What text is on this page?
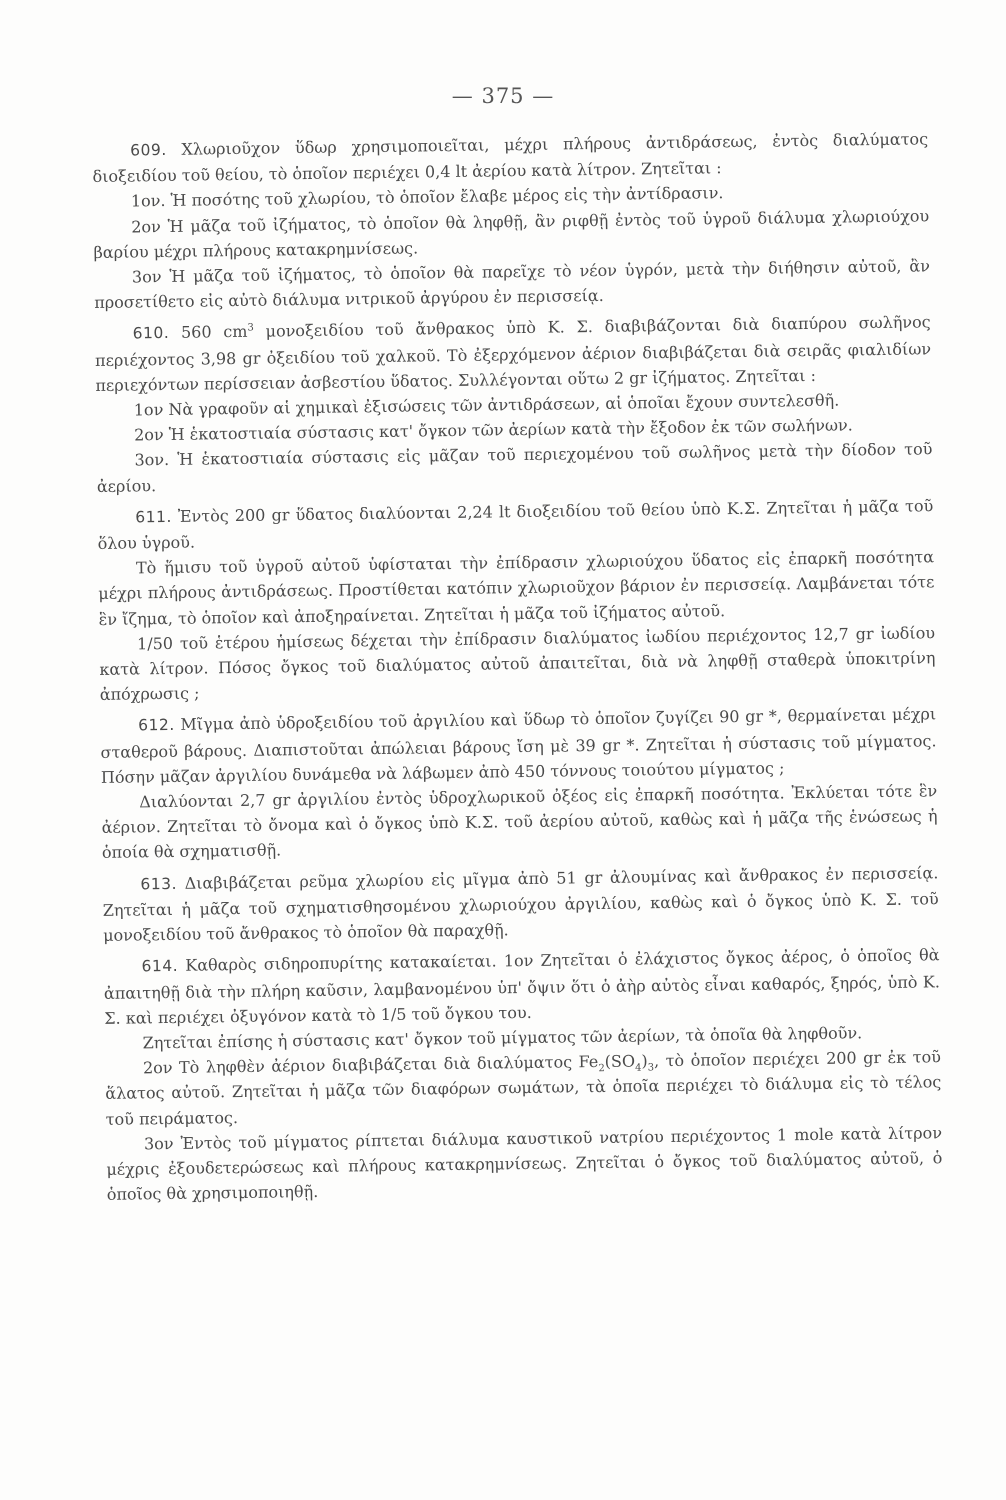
— 375 —

609. Χλωριοῦχον ὕδωρ χρησιμοποιεῖται, μέχρι πλήρους ἀντιδράσεως, ἐντὸς διαλύματος διοξειδίου τοῦ θείου, τὸ ὁποῖον περιέχει 0,4 lt ἀερίου κατὰ λίτρον. Ζητεῖται :

1ον. Ἡ ποσότης τοῦ χλωρίου, τὸ ὁποῖον ἔλαβε μέρος εἰς τὴν ἀντίδρασιν.

2ον Ἡ μᾶζα τοῦ ἰζήματος, τὸ ὁποῖον θὰ ληφθῇ, ἂν ριφθῇ ἐντὸς τοῦ ὑγροῦ διάλυμα χλωριούχου βαρίου μέχρι πλήρους κατακρημνίσεως.

3ον Ἡ μᾶζα τοῦ ἰζήματος, τὸ ὁποῖον θὰ παρεῖχε τὸ νέον ὑγρόν, μετὰ τὴν διήθησιν αὐτοῦ, ἂν προσετίθετο εἰς αὐτὸ διάλυμα νιτρικοῦ ἀργύρου ἐν περισσείᾳ.

610. 560 $cm^3$ μονοξειδίου τοῦ ἄνθρακος ὑπὸ Κ. Σ. διαβιβάζονται διὰ διαπύρου σωλῆνος περιέχοντος 3,98 gr ὀξειδίου τοῦ χαλκοῦ. Τὸ ἐξερχόμενον ἀέριον διαβιβάζεται διὰ σειρᾶς φιαλιδίων περιεχόντων περίσσειαν ἀσβεστίου ὕδατος. Συλλέγονται οὕτω 2 gr ἰζήματος. Ζητεῖται :

1ον Νὰ γραφοῦν αἱ χημικαὶ ἐξισώσεις τῶν ἀντιδράσεων, αἱ ὁποῖαι ἔχουν συντελεσθῆ.

2ον Ἡ ἑκατοστιαία σύστασις κατ' ὄγκον τῶν ἀερίων κατὰ τὴν ἔξοδον ἐκ τῶν σωλήνων.

3ον. Ἡ ἑκατοστιαία σύστασις εἰς μᾶζαν τοῦ περιεχομένου τοῦ σωλῆνος μετὰ τὴν δίοδον τοῦ ἀερίου.

611. Ἐντὸς 200 gr ὕδατος διαλύονται 2,24 lt διοξειδίου τοῦ θείου ὑπὸ Κ.Σ. Ζητεῖται ἡ μᾶζα τοῦ ὅλου ὑγροῦ.

Τὸ ἥμισυ τοῦ ὑγροῦ αὐτοῦ ὑφίσταται τὴν ἐπίδρασιν χλωριούχου ὕδατος εἰς ἐπαρκῆ ποσότητα μέχρι πλήρους ἀντιδράσεως. Προστίθεται κατόπιν χλωριοῦχον βάριον ἐν περισσείᾳ. Λαμβάνεται τότε ἓν ἴζημα, τὸ ὁποῖον καὶ ἀποξηραίνεται. Ζητεῖται ἡ μᾶζα τοῦ ἰζήματος αὐτοῦ.

1/50 τοῦ ἑτέρου ἡμίσεως δέχεται τὴν ἐπίδρασιν διαλύματος ἰωδίου περιέχοντος 12,7 gr ἰωδίου κατὰ λίτρον. Πόσος ὄγκος τοῦ διαλύματος αὐτοῦ ἀπαιτεῖται, διὰ νὰ ληφθῇ σταθερὰ ὑποκιτρίνη ἀπόχρωσις ;

612. Μῖγμα ἀπὸ ὑδροξειδίου τοῦ ἀργιλίου καὶ ὕδωρ τὸ ὁποῖον ζυγίζει 90 gr *, θερμαίνεται μέχρι σταθεροῦ βάρους. Διαπιστοῦται ἀπώλειαι βάρους ἴση μὲ 39 gr *. Ζητεῖται ἡ σύστασις τοῦ μίγματος. Πόσην μᾶζαν ἀργιλίου δυνάμεθα νὰ λάβωμεν ἀπὸ 450 τόννους τοιούτου μίγματος ;

Διαλύονται 2,7 gr ἀργιλίου ἐντὸς ὑδροχλωρικοῦ ὀξέος εἰς ἐπαρκῆ ποσότητα. Ἐκλύεται τότε ἓν ἀέριον. Ζητεῖται τὸ ὄνομα καὶ ὁ ὄγκος ὑπὸ Κ.Σ. τοῦ ἀερίου αὐτοῦ, καθὼς καὶ ἡ μᾶζα τῆς ἑνώσεως ἡ ὁποία θὰ σχηματισθῇ.

613. Διαβιβάζεται ρεῦμα χλωρίου εἰς μῖγμα ἀπὸ 51 gr ἀλουμίνας καὶ ἄνθρακος ἐν περισσείᾳ. Ζητεῖται ἡ μᾶζα τοῦ σχηματισθησομένου χλωριούχου ἀργιλίου, καθὼς καὶ ὁ ὄγκος ὑπὸ Κ. Σ. τοῦ μονοξειδίου τοῦ ἄνθρακος τὸ ὁποῖον θὰ παραχθῇ.

614. Καθαρὸς σιδηροπυρίτης κατακαίεται. 1ον Ζητεῖται ὁ ἐλάχιστος ὄγκος ἀέρος, ὁ ὁποῖος θὰ ἀπαιτηθῇ διὰ τὴν πλήρη καῦσιν, λαμβανομένου ὑπ' ὄψιν ὅτι ὁ ἀὴρ αὐτὸς εἶναι καθαρός, ξηρός, ὑπὸ Κ. Σ. καὶ περιέχει ὀξυγόνον κατὰ τὸ 1/5 τοῦ ὄγκου του.

Ζητεῖται ἐπίσης ἡ σύστασις κατ' ὄγκον τοῦ μίγματος τῶν ἀερίων, τὰ ὁποῖα θὰ ληφθοῦν.

2ον Τὸ ληφθὲν ἀέριον διαβιβάζεται διὰ διαλύματος $Fe_2(SO_4)_3$, τὸ ὁποῖον περιέχει 200 gr ἐκ τοῦ ἅλατος αὐτοῦ. Ζητεῖται ἡ μᾶζα τῶν διαφόρων σωμάτων, τὰ ὁποῖα περιέχει τὸ διάλυμα εἰς τὸ τέλος τοῦ πειράματος.

3ον Ἐντὸς τοῦ μίγματος ρίπτεται διάλυμα καυστικοῦ νατρίου περιέχοντος 1 mole κατὰ λίτρον μέχρις ἐξουδετερώσεως καὶ πλήρους κατακρημνίσεως. Ζητεῖται ὁ ὄγκος τοῦ διαλύματος αὐτοῦ, ὁ ὁποῖος θὰ χρησιμοποιηθῇ.
